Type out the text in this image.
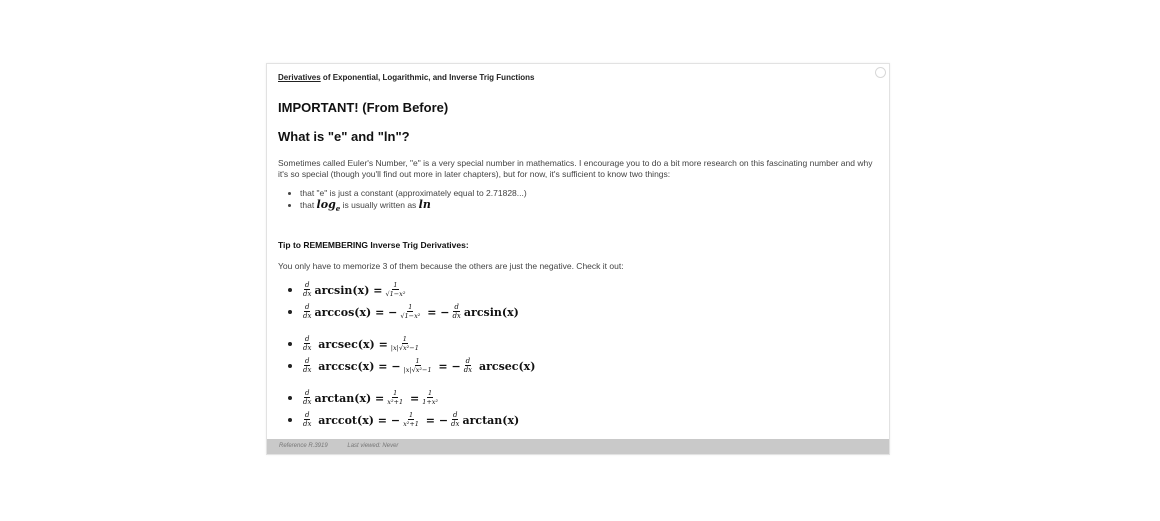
Derivatives of Exponential, Logarithmic, and Inverse Trig Functions

IMPORTANT! (From Before)
What is "e" and "ln"?

Sometimes called Euler's Number, "e" is a very special number in mathematics. I encourage you to do a bit more research on this fascinating number and why it's so special (though you'll find out more in later chapters), but for now, it's sufficient to know two things:

• that "e" is just a constant (approximately equal to 2.71828...)
• that $\log_e$ is usually written as ln

Tip to REMEMBERING Inverse Trig Derivatives:

You only have to memorize 3 of them because the others are just the negative. Check it out:

$\frac{d}{dx} \arcsin(x) = \frac{1}{\text{√1−x²}}$
$\frac{d}{dx} \arccos(x)$ = − $\frac{1}{\text{√1−x²}}$ = − $\frac{d}{dx} \arcsin(x)$
$\frac{d}{dx} arcsec(x) = \frac{1}{\text{|x|√x²−1}}$
$\frac{d}{dx} arccsc(x)$ = − $\frac{1}{\text{|x|√x²−1}}$ = − $\frac{d}{dx} arcsec(x)$
$\frac{d}{dx} \arctan(x) = \frac{1}{\text{x²+1}} = \frac{1}{\text{1+x²}}$
$\frac{d}{dx} arccot(x)$ = − $\frac{1}{\text{x²+1}}$ = − $\frac{d}{dx} \arctan(x)$
Reference R.3919	Last viewed: Never
